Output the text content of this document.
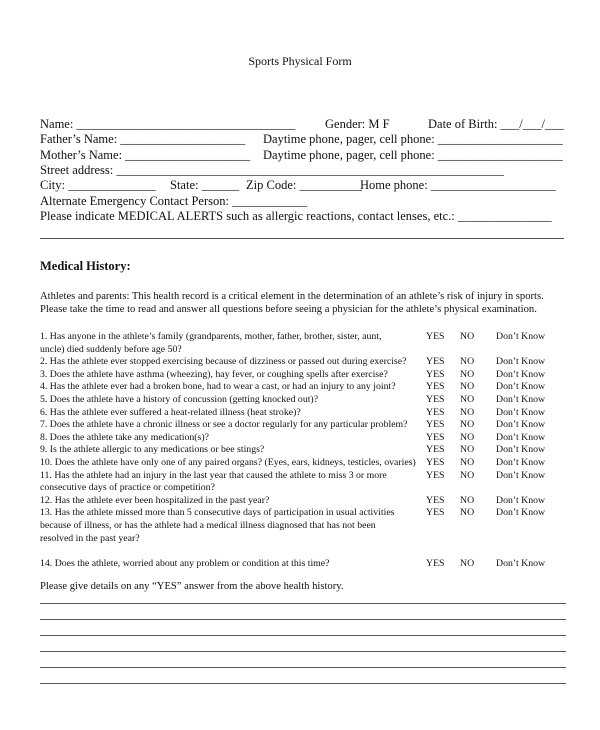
Sports Physical Form
Name: ___________________________________ Gender: M F	Date of Birth: ___/___/___
Father’s Name: ____________________ Daytime phone, pager, cell phone: ____________________
Mother’s Name: ____________________ Daytime phone, pager, cell phone: ____________________
Street address: ______________________________________________________________
City: ______________ State: ______ Zip Code: __________
Home phone: ____________________
Alternate Emergency Contact Person: ____________
Please indicate MEDICAL ALERTS such as allergic reactions, contact lenses, etc.: _______________
Medical History:
Athletes and parents: This health record is a critical element in the determination of an athlete’s risk of injury in sports.
Please take the time to read and answer all questions before seeing a physician for the athlete’s physical examination.
1. Has anyone in the athlete’s family (grandparents, mother, father, brother, sister, aunt,
uncle) died suddenly before age 50?
YES NO Don’t Know
2. Has the athlete ever stopped exercising because of dizziness or passed out during exercise? YES NO Don’t Know
3. Does the athlete have asthma (wheezing), hay fever, or coughing spells after exercise?	YES NO Don’t Know
4. Has the athlete ever had a broken bone, had to wear a cast, or had an injury to any joint?	YES NO Don’t Know
5. Does the athlete have a history of concussion (getting knocked out)?	YES NO Don’t Know
6. Has the athlete ever suffered a heat-related illness (heat stroke)?	YES NO Don’t Know
7. Does the athlete have a chronic illness or see a doctor regularly for any particular problem? YES NO Don’t Know
8. Does the athlete take any medication(s)?	YES NO Don’t Know
9. Is the athlete allergic to any medications or bee stings?	YES NO Don’t Know
10. Does the athlete have only one of any paired organs? (Eyes, ears, kidneys, testicles, ovaries) YES NO Don’t Know
11. Has the athlete had an injury in the last year that caused the athlete to miss 3 or more
consecutive days of practice or competition?
YES NO Don’t Know
12. Has the athlete ever been hospitalized in the past year?	YES NO Don’t Know
13. Has the athlete missed more than 5 consecutive days of participation in usual activities
because of illness, or has the athlete had a medical illness diagnosed that has not been
resolved in the past year?
YES NO Don’t Know
14. Does the athlete, worried about any problem or condition at this time?	YES NO Don’t Know
Please give details on any “YES” answer from the above health history.
